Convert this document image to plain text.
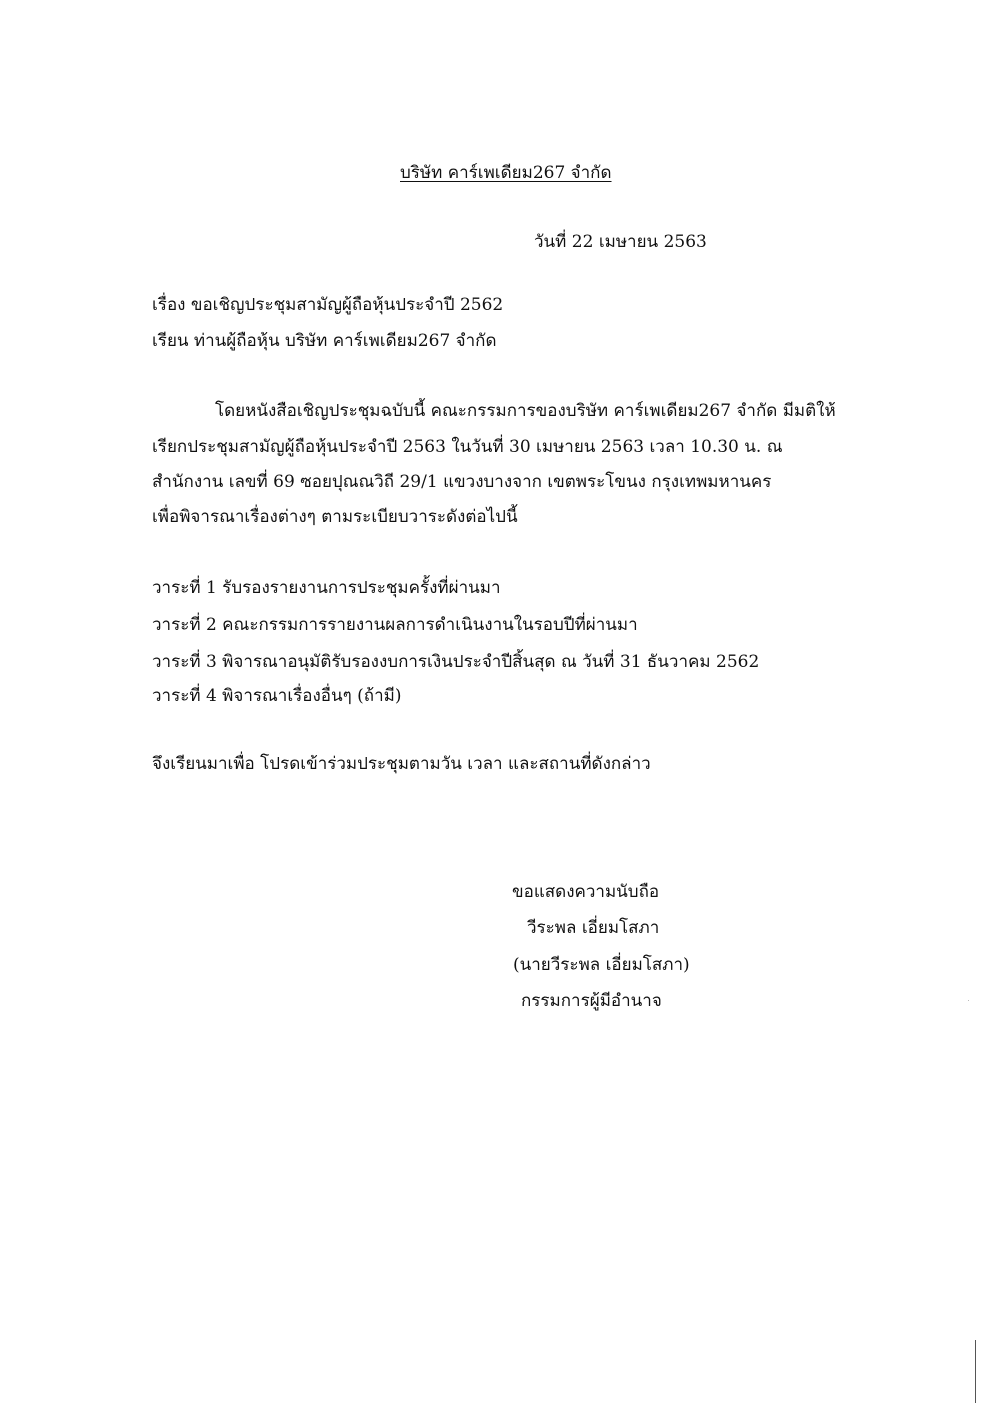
บริษัท คาร์เพเดียม267 จำกัด
วันที่ 22 เมษายน 2563
เรื่อง ขอเชิญประชุมสามัญผู้ถือหุ้นประจำปี 2562
เรียน ท่านผู้ถือหุ้น บริษัท คาร์เพเดียม267 จำกัด
โดยหนังสือเชิญประชุมฉบับนี้ คณะกรรมการของบริษัท คาร์เพเดียม267 จำกัด มีมติให้
เรียกประชุมสามัญผู้ถือหุ้นประจำปี 2563 ในวันที่ 30 เมษายน 2563 เวลา 10.30 น. ณ
สำนักงาน เลขที่ 69 ซอยปุณณวิถี 29/1 แขวงบางจาก เขตพระโขนง กรุงเทพมหานคร
เพื่อพิจารณาเรื่องต่างๆ ตามระเบียบวาระดังต่อไปนี้
วาระที่ 1 รับรองรายงานการประชุมครั้งที่ผ่านมา
วาระที่ 2 คณะกรรมการรายงานผลการดำเนินงานในรอบปีที่ผ่านมา
วาระที่ 3 พิจารณาอนุมัติรับรองงบการเงินประจำปีสิ้นสุด ณ วันที่ 31 ธันวาคม 2562
วาระที่ 4 พิจารณาเรื่องอื่นๆ (ถ้ามี)
จึงเรียนมาเพื่อ โปรดเข้าร่วมประชุมตามวัน เวลา และสถานที่ดังกล่าว
ขอแสดงความนับถือ
วีระพล เอี่ยมโสภา
(นายวีระพล เอี่ยมโสภา)
กรรมการผู้มีอำนาจ
